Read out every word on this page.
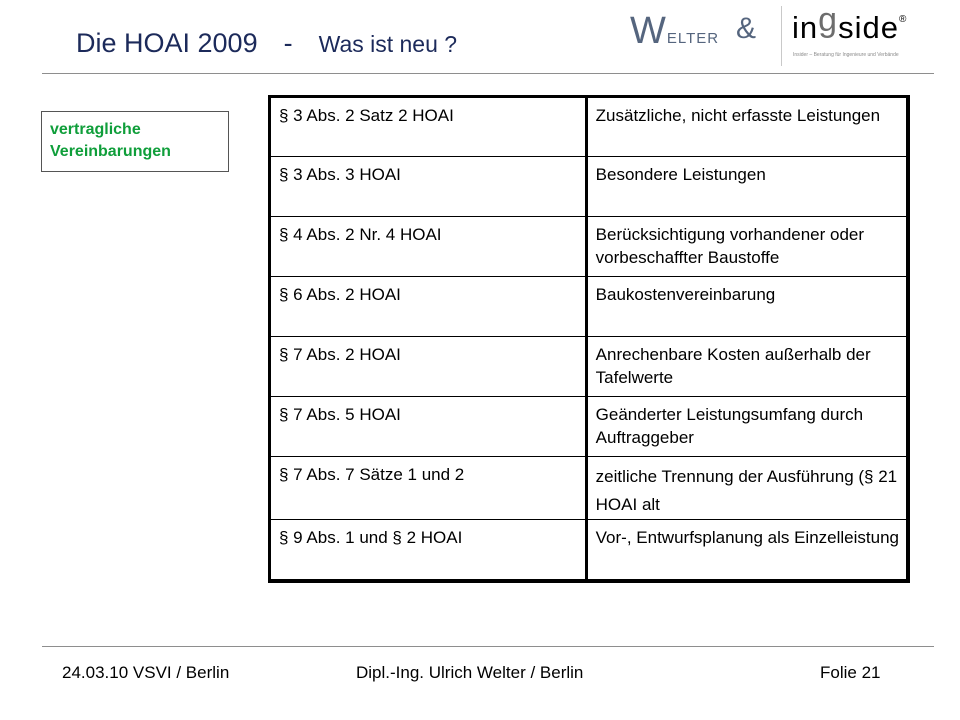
Die HOAI 2009 - Was ist neu ?	WELTER & ingside®
Insider – Beratung für Ingenieure und Verbände
vertragliche
Vereinbarungen
§ 3 Abs. 2 Satz 2 HOAI	Zusätzliche, nicht erfasste Leistungen
§ 3 Abs. 3 HOAI	Besondere Leistungen
§ 4 Abs. 2 Nr. 4 HOAI	Berücksichtigung vorhandener oder vorbeschaffter Baustoffe
§ 6 Abs. 2 HOAI	Baukostenvereinbarung
§ 7 Abs. 2 HOAI	Anrechenbare Kosten außerhalb der Tafelwerte
§ 7 Abs. 5 HOAI	Geänderter Leistungsumfang durch Auftraggeber
§ 7 Abs. 7 Sätze 1 und 2	zeitliche Trennung der Ausführung (§ 21 HOAI alt
§ 9 Abs. 1 und § 2 HOAI	Vor-, Entwurfsplanung als Einzelleistung
24.03.10 VSVI / Berlin	Dipl.-Ing. Ulrich Welter / Berlin	Folie 21
